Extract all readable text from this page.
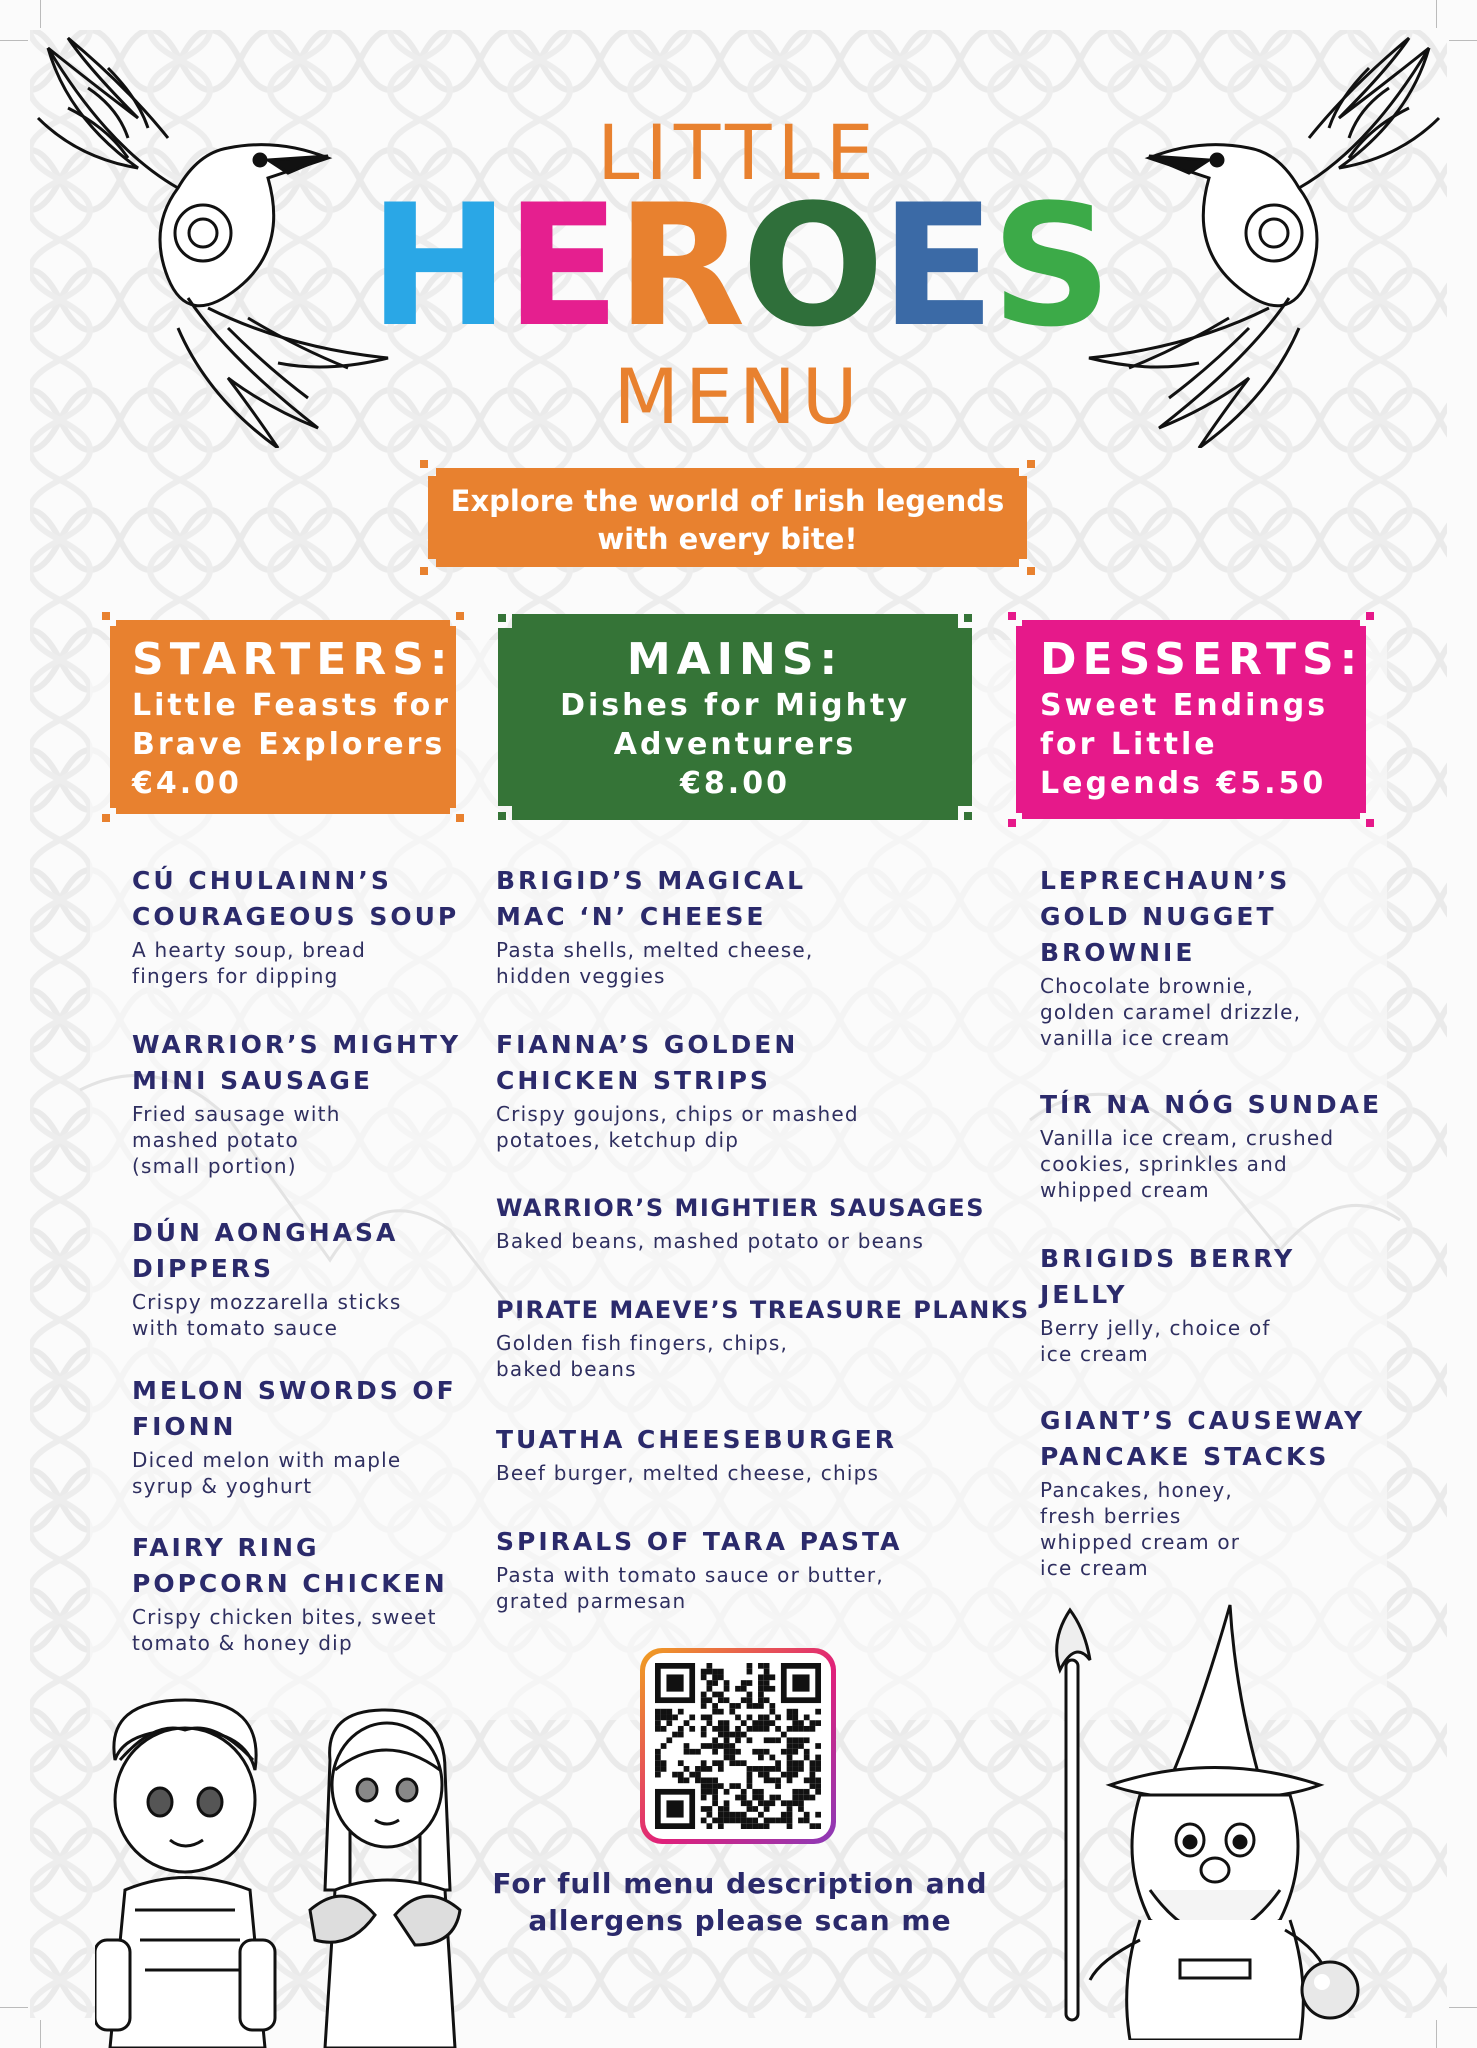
LITTLE
HEROES
MENU
Explore the world of Irish legends
with every bite!
STARTERS:
Little Feasts for
Brave Explorers
€4.00
MAINS:
Dishes for Mighty
Adventurers
€8.00
DESSERTS:
Sweet Endings
for Little
Legends €5.50
CÚ CHULAINN’S
COURAGEOUS SOUP
A hearty soup, bread
fingers for dipping
WARRIOR’S MIGHTY
MINI SAUSAGE
Fried sausage with
mashed potato
(small portion)
DÚN AONGHASA
DIPPERS
Crispy mozzarella sticks
with tomato sauce
MELON SWORDS OF
FIONN
Diced melon with maple
syrup & yoghurt
FAIRY RING
POPCORN CHICKEN
Crispy chicken bites, sweet
tomato & honey dip
BRIGID’S MAGICAL
MAC ‘N’ CHEESE
Pasta shells, melted cheese,
hidden veggies
FIANNA’S GOLDEN
CHICKEN STRIPS
Crispy goujons, chips or mashed
potatoes, ketchup dip
WARRIOR’S MIGHTIER SAUSAGES
Baked beans, mashed potato or beans
PIRATE MAEVE’S TREASURE PLANKS
Golden fish fingers, chips,
baked beans
TUATHA CHEESEBURGER
Beef burger, melted cheese, chips
SPIRALS OF TARA PASTA
Pasta with tomato sauce or butter,
grated parmesan
LEPRECHAUN’S
GOLD NUGGET
BROWNIE
Chocolate brownie,
golden caramel drizzle,
vanilla ice cream
TÍR NA NÓG SUNDAE
Vanilla ice cream, crushed
cookies, sprinkles and
whipped cream
BRIGIDS BERRY
JELLY
Berry jelly, choice of
ice cream
GIANT’S CAUSEWAY
PANCAKE STACKS
Pancakes, honey,
fresh berries
whipped cream or
ice cream
For full menu description and
allergens please scan me
